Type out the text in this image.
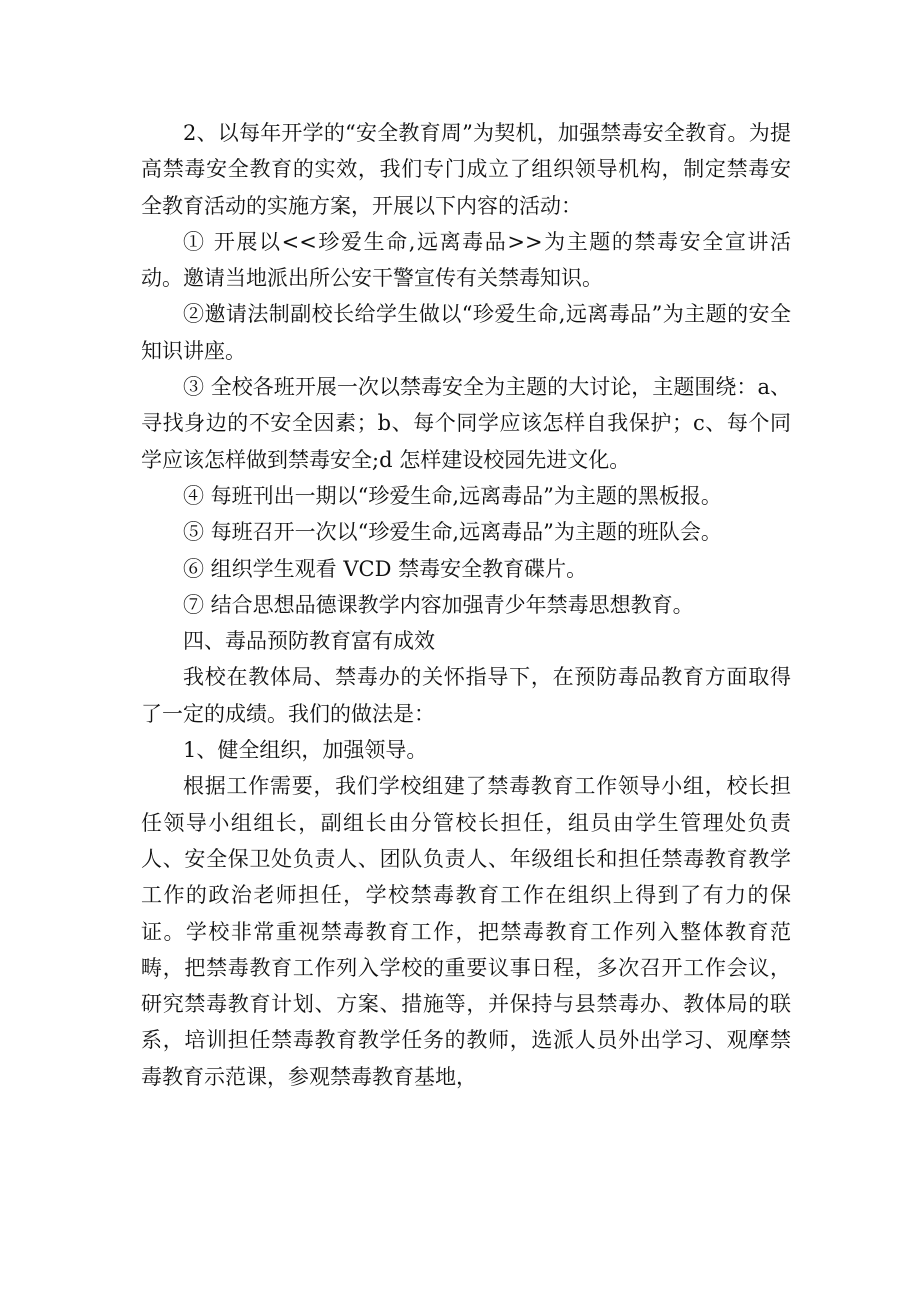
2、以每年开学的“安全教育周”为契机，加强禁毒安全教育。为提高禁毒安全教育的实效，我们专门成立了组织领导机构，制定禁毒安全教育活动的实施方案，开展以下内容的活动：

① 开展以<<珍爱生命,远离毒品>>为主题的禁毒安全宣讲活动。邀请当地派出所公安干警宣传有关禁毒知识。

②邀请法制副校长给学生做以“珍爱生命,远离毒品”为主题的安全知识讲座。

③ 全校各班开展一次以禁毒安全为主题的大讨论，主题围绕：a、寻找身边的不安全因素；b、每个同学应该怎样自我保护；c、每个同学应该怎样做到禁毒安全;d 怎样建设校园先进文化。

④ 每班刊出一期以“珍爱生命,远离毒品”为主题的黑板报。

⑤ 每班召开一次以“珍爱生命,远离毒品”为主题的班队会。

⑥ 组织学生观看 VCD 禁毒安全教育碟片。

⑦ 结合思想品德课教学内容加强青少年禁毒思想教育。

四、毒品预防教育富有成效

我校在教体局、禁毒办的关怀指导下，在预防毒品教育方面取得了一定的成绩。我们的做法是：

1、健全组织，加强领导。

根据工作需要，我们学校组建了禁毒教育工作领导小组，校长担任领导小组组长，副组长由分管校长担任，组员由学生管理处负责人、安全保卫处负责人、团队负责人、年级组长和担任禁毒教育教学工作的政治老师担任，学校禁毒教育工作在组织上得到了有力的保证。学校非常重视禁毒教育工作，把禁毒教育工作列入整体教育范畴，把禁毒教育工作列入学校的重要议事日程，多次召开工作会议，研究禁毒教育计划、方案、措施等，并保持与县禁毒办、教体局的联系，培训担任禁毒教育教学任务的教师，选派人员外出学习、观摩禁毒教育示范课，参观禁毒教育基地，
